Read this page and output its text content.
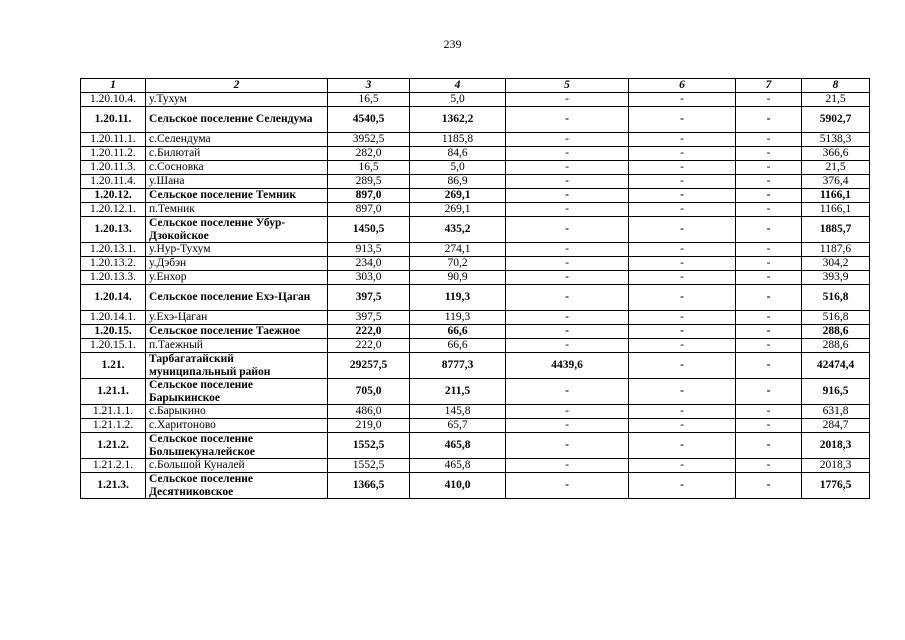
239
1	2	3	4	5	6	7	8
1.20.10.4.	у.Тухум	16,5	5,0	-	-	-	21,5
1.20.11.	Сельское поселение Селендума	4540,5	1362,2	-	-	-	5902,7
1.20.11.1.	с.Селендума	3952,5	1185,8	-	-	-	5138,3
1.20.11.2.	с.Билютай	282,0	84,6	-	-	-	366,6
1.20.11.3.	с.Сосновка	16,5	5,0	-	-	-	21,5
1.20.11.4.	у.Шана	289,5	86,9	-	-	-	376,4
1.20.12.	Сельское поселение Темник	897,0	269,1	-	-	-	1166,1
1.20.12.1.	п.Темник	897,0	269,1	-	-	-	1166,1
1.20.13.	Сельское поселение Убур-Дзокойское	1450,5	435,2	-	-	-	1885,7
1.20.13.1.	у.Нур-Тухум	913,5	274,1	-	-	-	1187,6
1.20.13.2.	у.Дэбэн	234,0	70,2	-	-	-	304,2
1.20.13.3.	у.Енхор	303,0	90,9	-	-	-	393,9
1.20.14.	Сельское поселение Ехэ-Цаган	397,5	119,3	-	-	-	516,8
1.20.14.1.	у.Ехэ-Цаган	397,5	119,3	-	-	-	516,8
1.20.15.	Сельское поселение Таежное	222,0	66,6	-	-	-	288,6
1.20.15.1.	п.Таежный	222,0	66,6	-	-	-	288,6
1.21.	Тарбагатайский муниципальный район	29257,5	8777,3	4439,6	-	-	42474,4
1.21.1.	Сельское поселение Барыкинское	705,0	211,5	-	-	-	916,5
1.21.1.1.	с.Барыкино	486,0	145,8	-	-	-	631,8
1.21.1.2.	с.Харитоново	219,0	65,7	-	-	-	284,7
1.21.2.	Сельское поселение Большекуналейское	1552,5	465,8	-	-	-	2018,3
1.21.2.1.	с.Большой Куналей	1552,5	465,8	-	-	-	2018,3
1.21.3.	Сельское поселение Десятниковское	1366,5	410,0	-	-	-	1776,5
